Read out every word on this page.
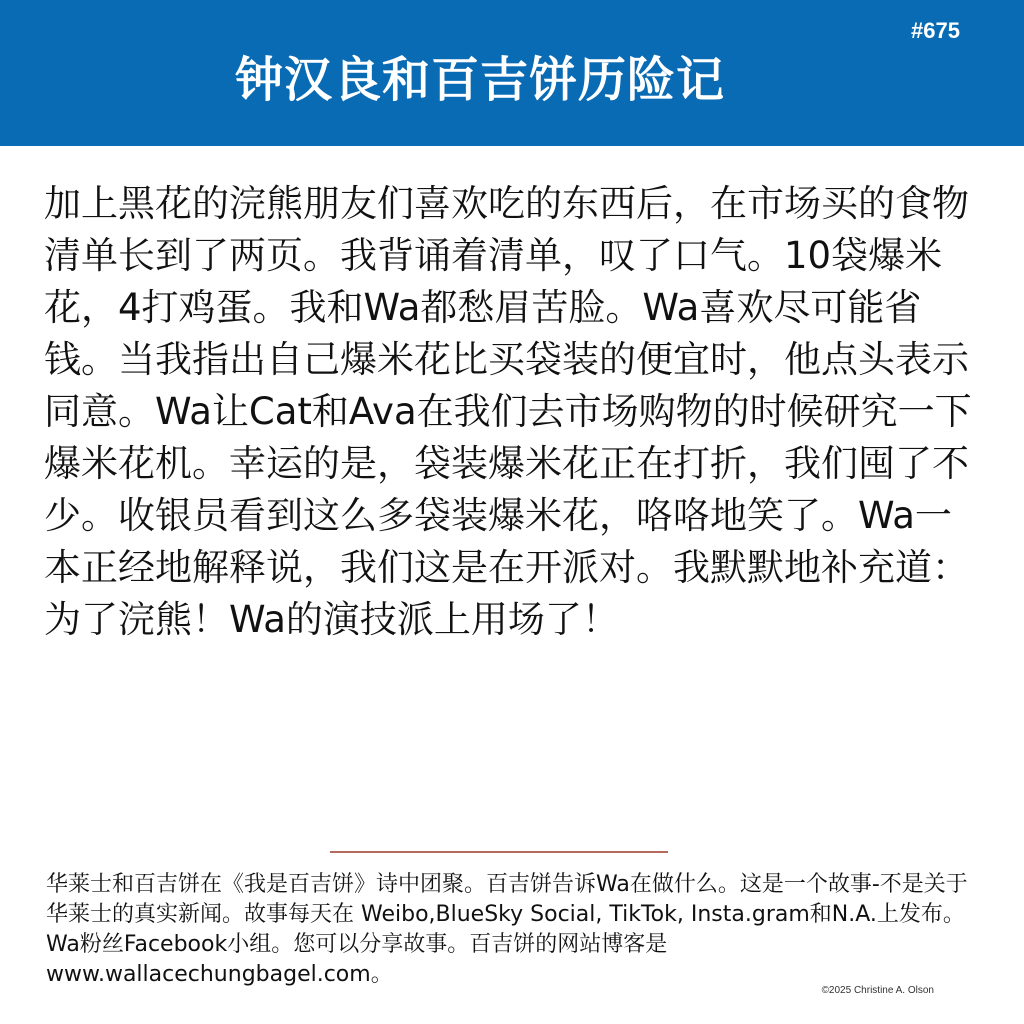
钟汉良和百吉饼历险记
#675

加上黑花的浣熊朋友们喜欢吃的东西后，在市场买的食物清单长到了两页。我背诵着清单，叹了口气。10袋爆米花，4打鸡蛋。我和Wa都愁眉苦脸。Wa喜欢尽可能省钱。当我指出自己爆米花比买袋装的便宜时，他点头表示同意。Wa让Cat和Ava在我们去市场购物的时候研究一下爆米花机。幸运的是，袋装爆米花正在打折，我们囤了不少。收银员看到这么多袋装爆米花，咯咯地笑了。Wa一本正经地解释说，我们这是在开派对。我默默地补充道：为了浣熊！Wa的演技派上用场了！

华莱士和百吉饼在《我是百吉饼》诗中团聚。百吉饼告诉Wa在做什么。这是一个故事-不是关于华莱士的真实新闻。故事每天在 Weibo,BlueSky Social, TikTok, Insta.gram和N.A.上发布。Wa粉丝Facebook小组。您可以分享故事。百吉饼的网站博客是www.wallacechungbagel.com。

©2025 Christine A. Olson
